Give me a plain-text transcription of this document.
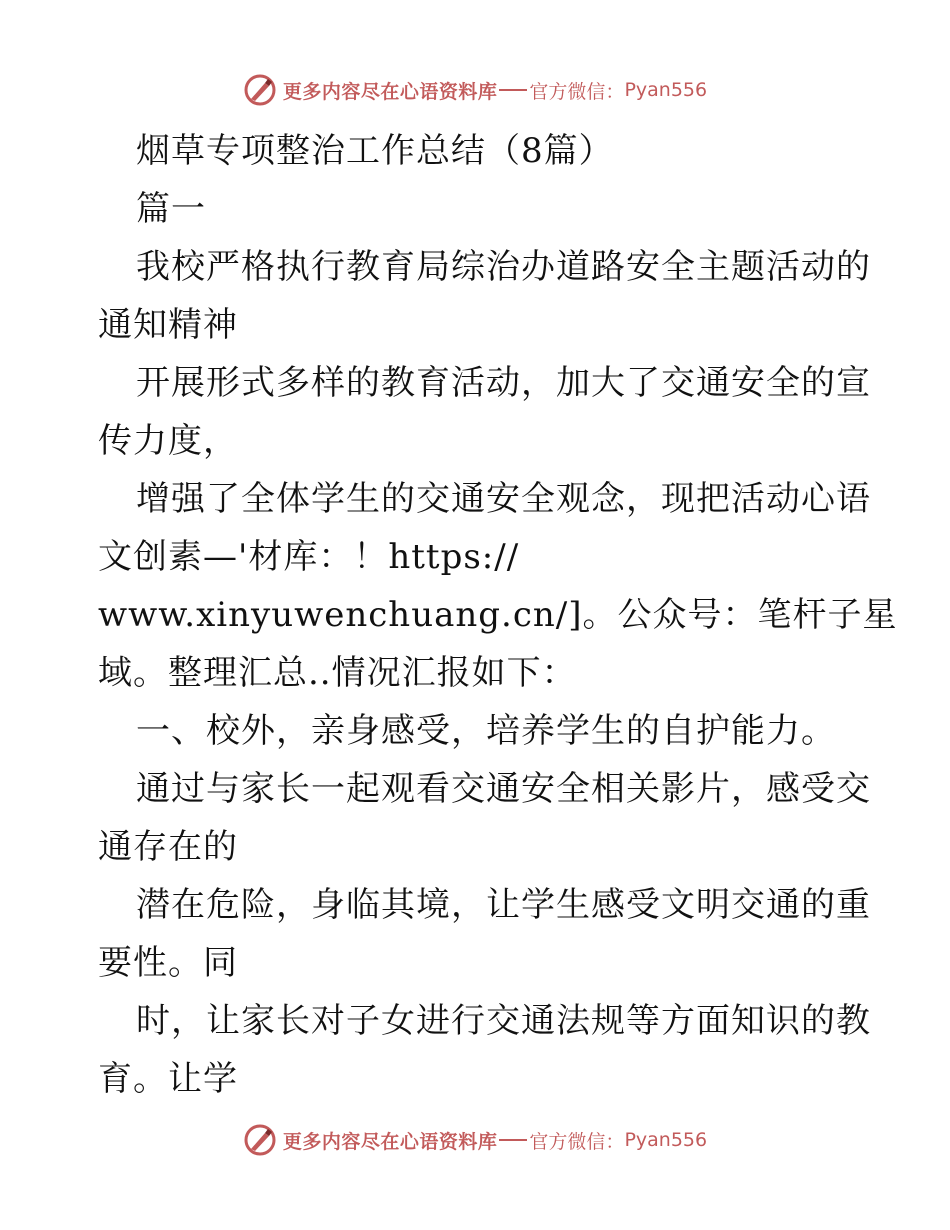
更多内容尽在心语资料库 官方微信： Pyan556
烟草专项整治工作总结（8篇）
篇一
我校严格执行教育局综治办道路安全主题活动的
通知精神
开展形式多样的教育活动，加大了交通安全的宣
传力度，
增强了全体学生的交通安全观念，现把活动心语
文创素—'材库：！https://
www.xinyuwenchuang.cn/]。公众号：笔杆子星
域。整理汇总..情况汇报如下：
一、校外，亲身感受，培养学生的自护能力。
通过与家长一起观看交通安全相关影片，感受交
通存在的
潜在危险，身临其境，让学生感受文明交通的重
要性。同
时，让家长对子女进行交通法规等方面知识的教
育。让学
更多内容尽在心语资料库 官方微信： Pyan556
